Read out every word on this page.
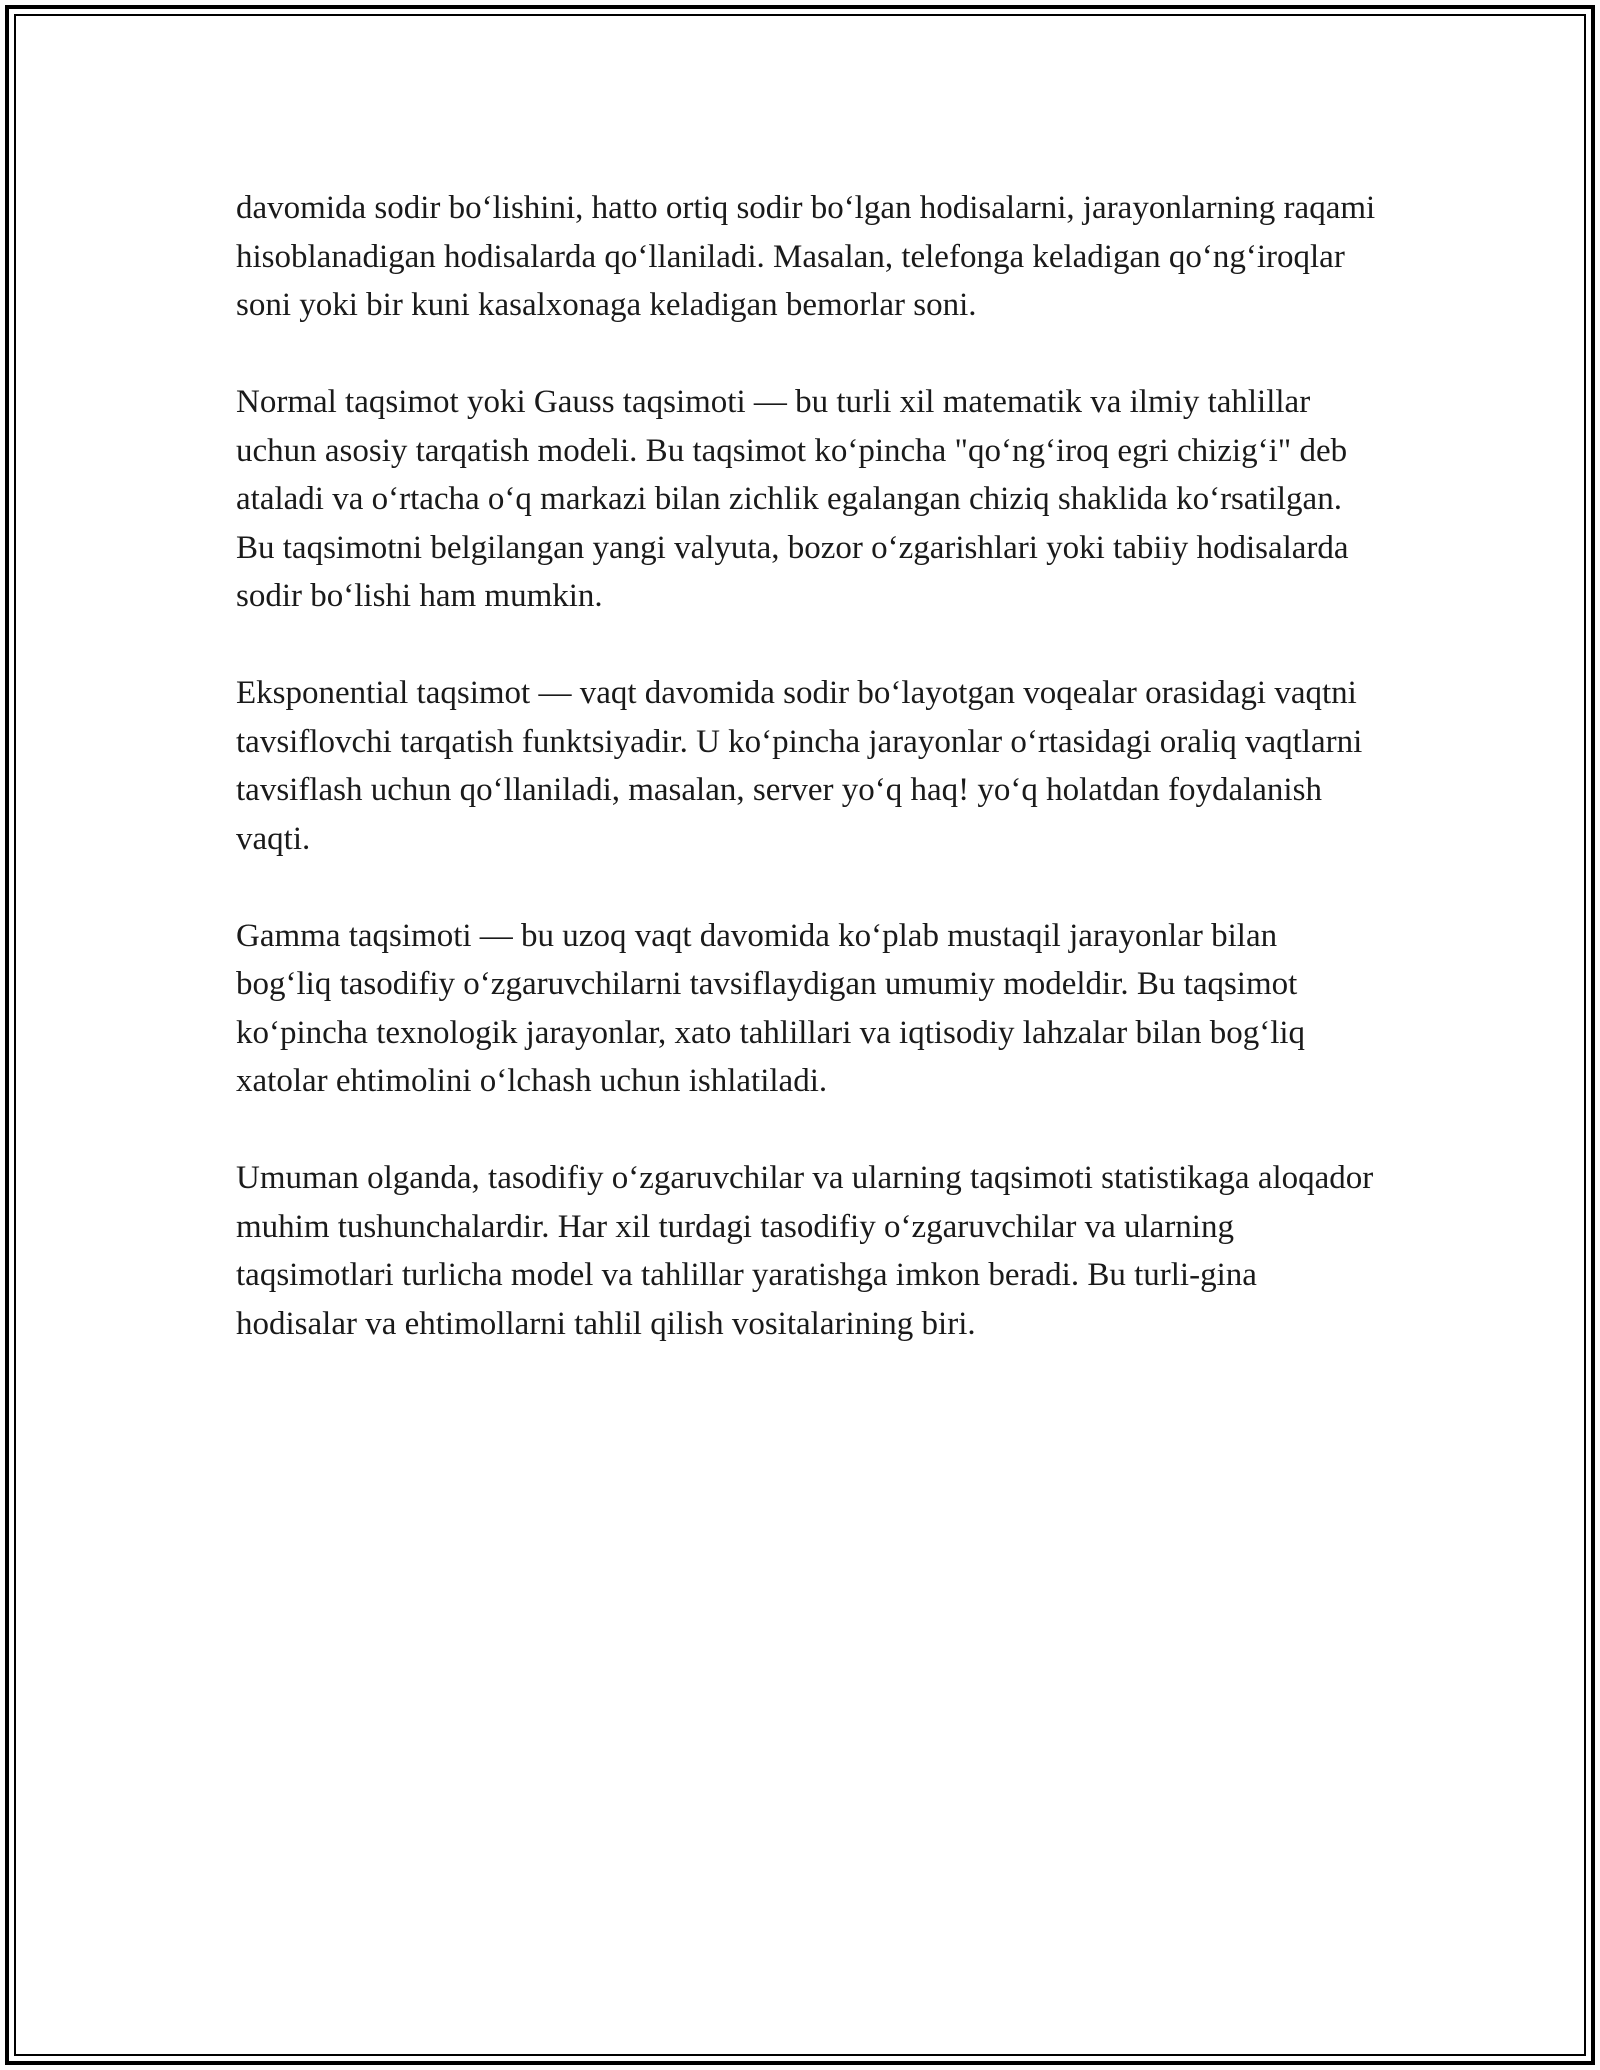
davomida sodir bo‘lishini, hatto ortiq sodir bo‘lgan hodisalarni, jarayonlarning raqami hisoblanadigan hodisalarda qo‘llaniladi. Masalan, telefonga keladigan qo‘ng‘iroqlar soni yoki bir kuni kasalxonaga keladigan bemorlar soni.

Normal taqsimot yoki Gauss taqsimoti — bu turli xil matematik va ilmiy tahlillar uchun asosiy tarqatish modeli. Bu taqsimot ko‘pincha "qo‘ng‘iroq egri chizig‘i" deb ataladi va o‘rtacha o‘q markazi bilan zichlik egalangan chiziq shaklida ko‘rsatilgan. Bu taqsimotni belgilangan yangi valyuta, bozor o‘zgarishlari yoki tabiiy hodisalarda sodir bo‘lishi ham mumkin.

Eksponential taqsimot — vaqt davomida sodir bo‘layotgan voqealar orasidagi vaqtni tavsiflovchi tarqatish funktsiyadir. U ko‘pincha jarayonlar o‘rtasidagi oraliq vaqtlarni tavsiflash uchun qo‘llaniladi, masalan, server yo‘q haq! yo‘q holatdan foydalanish vaqti.

Gamma taqsimoti — bu uzoq vaqt davomida ko‘plab mustaqil jarayonlar bilan bog‘liq tasodifiy o‘zgaruvchilarni tavsiflaydigan umumiy modeldir. Bu taqsimot ko‘pincha texnologik jarayonlar, xato tahlillari va iqtisodiy lahzalar bilan bog‘liq xatolar ehtimolini o‘lchash uchun ishlatiladi.

Umuman olganda, tasodifiy o‘zgaruvchilar va ularning taqsimoti statistikaga aloqador muhim tushunchalardir. Har xil turdagi tasodifiy o‘zgaruvchilar va ularning taqsimotlari turlicha model va tahlillar yaratishga imkon beradi. Bu turli-gina hodisalar va ehtimollarni tahlil qilish vositalarining biri.
